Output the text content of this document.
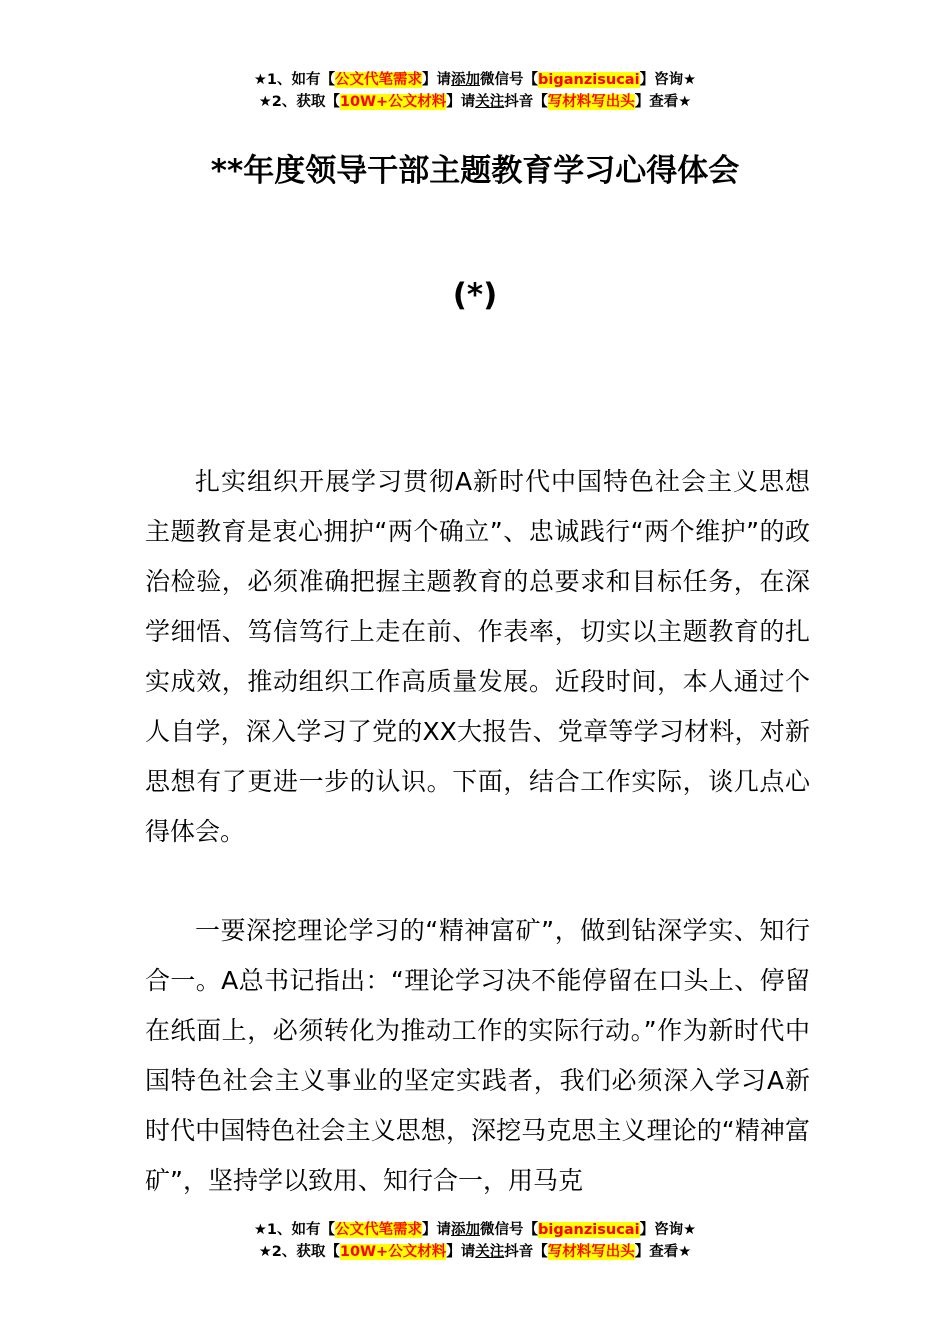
★1、如有【公文代笔需求】请添加微信号【biganzisucai】咨询★
★2、获取【10W+公文材料】请关注抖音【写材料写出头】查看★
**年度领导干部主题教育学习心得体会
(*)

扎实组织开展学习贯彻A新时代中国特色社会主义思想主题教育是衷心拥护“两个确立”、忠诚践行“两个维护”的政治检验，必须准确把握主题教育的总要求和目标任务，在深学细悟、笃信笃行上走在前、作表率，切实以主题教育的扎实成效，推动组织工作高质量发展。近段时间，本人通过个人自学，深入学习了党的XX大报告、党章等学习材料，对新思想有了更进一步的认识。下面，结合工作实际，谈几点心得体会。

一要深挖理论学习的“精神富矿”，做到钻深学实、知行合一。A总书记指出：“理论学习决不能停留在口头上、停留在纸面上，必须转化为推动工作的实际行动。”作为新时代中国特色社会主义事业的坚定实践者，我们必须深入学习A新时代中国特色社会主义思想，深挖马克思主义理论的“精神富矿”，坚持学以致用、知行合一，用马克

★1、如有【公文代笔需求】请添加微信号【biganzisucai】咨询★
★2、获取【10W+公文材料】请关注抖音【写材料写出头】查看★
